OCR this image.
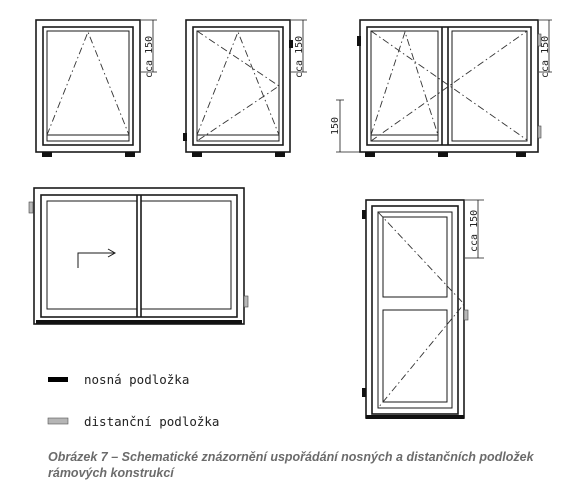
cca 150	cca 150	cca 150
150
cca 150
nosná podložka
distanční podložka
Obrázek 7 – Schematické znázornění uspořádání nosných a distančních podložek rámových konstrukcí
